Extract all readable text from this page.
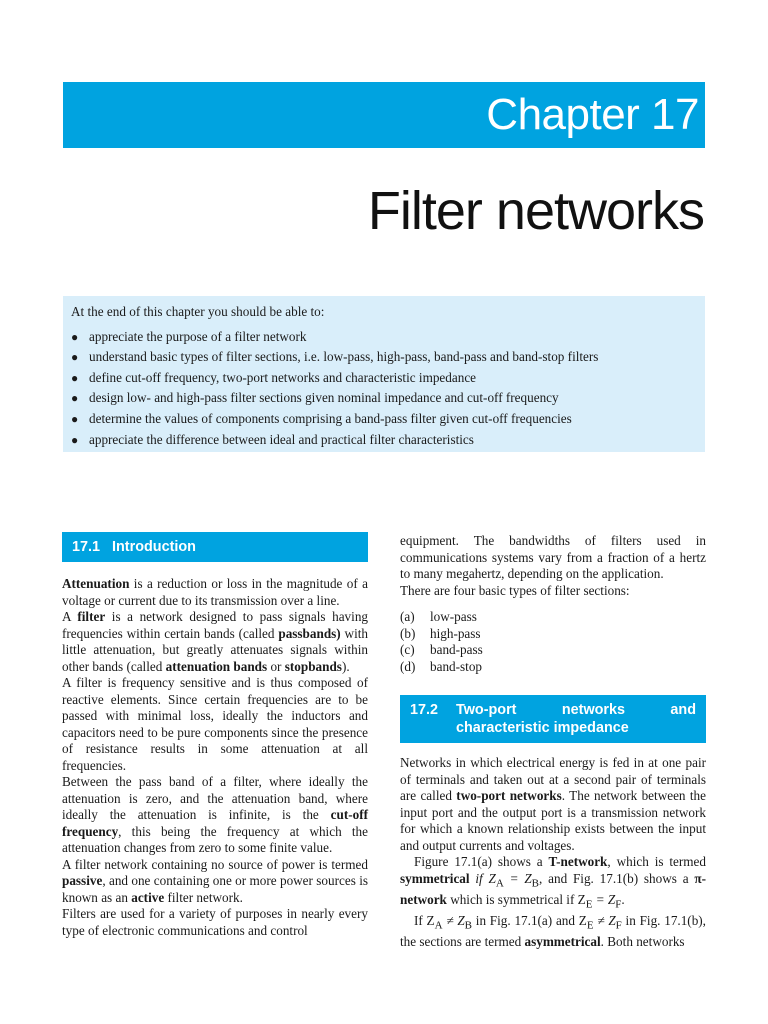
Chapter 17
Filter networks
At the end of this chapter you should be able to:
● appreciate the purpose of a filter network
● understand basic types of filter sections, i.e. low-pass, high-pass, band-pass and band-stop filters
● define cut-off frequency, two-port networks and characteristic impedance
● design low- and high-pass filter sections given nominal impedance and cut-off frequency
● determine the values of components comprising a band-pass filter given cut-off frequencies
● appreciate the difference between ideal and practical filter characteristics
17.1 Introduction

Attenuation is a reduction or loss in the magnitude of a voltage or current due to its transmission over a line.

A filter is a network designed to pass signals having frequencies within certain bands (called passbands) with little attenuation, but greatly attenuates signals within other bands (called attenuation bands or stopbands).

A filter is frequency sensitive and is thus composed of reactive elements. Since certain frequencies are to be passed with minimal loss, ideally the inductors and capacitors need to be pure components since the presence of resistance results in some attenuation at all frequencies.

Between the pass band of a filter, where ideally the attenuation is zero, and the attenuation band, where ideally the attenuation is infinite, is the cut-off frequency, this being the frequency at which the attenuation changes from zero to some finite value.

A filter network containing no source of power is termed passive, and one containing one or more power sources is known as an active filter network.

Filters are used for a variety of purposes in nearly every type of electronic communications and control

equipment. The bandwidths of filters used in communications systems vary from a fraction of a hertz to many megahertz, depending on the application.

There are four basic types of filter sections:

(a)	low-pass
(b)	high-pass
(c)	band-pass
(d)	band-stop
17.2	Two-port networks and characteristic impedance

Networks in which electrical energy is fed in at one pair of terminals and taken out at a second pair of terminals are called two-port networks. The network between the input port and the output port is a transmission network for which a known relationship exists between the input and output currents and voltages.

Figure 17.1(a) shows a T-network, which is termed symmetrical if $Z_A = Z_B$, and Fig. 17.1(b) shows a π-network which is symmetrical if $Z_E = Z_F$.

If $Z_A \ne Z_B$ in Fig. 17.1(a) and $Z_E \ne Z_F$ in Fig. 17.1(b), the sections are termed asymmetrical. Both networks
